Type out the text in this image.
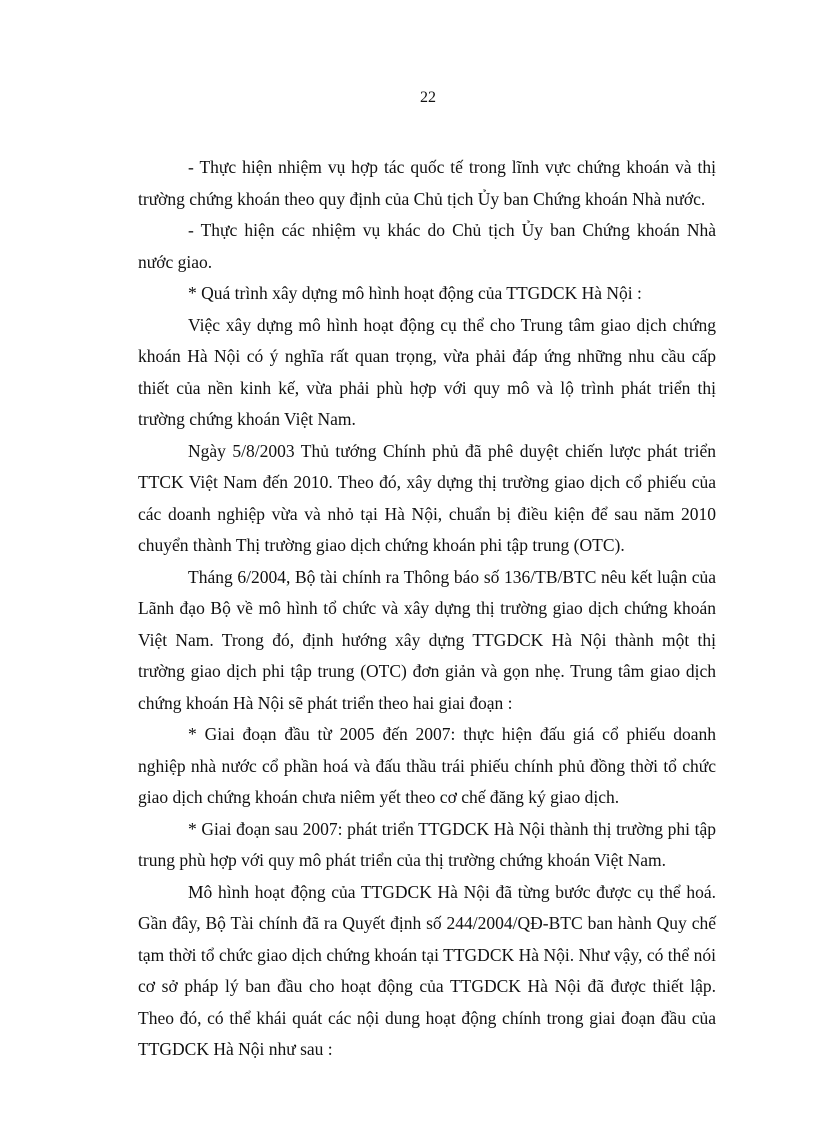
22

- Thực hiện nhiệm vụ hợp tác quốc tế trong lĩnh vực chứng khoán và thị trường chứng khoán theo quy định của Chủ tịch Ủy ban Chứng khoán Nhà nước.

- Thực hiện các nhiệm vụ khác do Chủ tịch Ủy ban Chứng khoán Nhà nước giao.

* Quá trình xây dựng mô hình hoạt động của TTGDCK Hà Nội :

Việc xây dựng mô hình hoạt động cụ thể cho Trung tâm giao dịch chứng khoán Hà Nội có ý nghĩa rất quan trọng, vừa phải đáp ứng những nhu cầu cấp thiết của nền kinh kế, vừa phải phù hợp với quy mô và lộ trình phát triển thị trường chứng khoán Việt Nam.

Ngày 5/8/2003 Thủ tướng Chính phủ đã phê duyệt chiến lược phát triển TTCK Việt Nam đến 2010. Theo đó, xây dựng thị trường giao dịch cổ phiếu của các doanh nghiệp vừa và nhỏ tại Hà Nội, chuẩn bị điều kiện để sau năm 2010 chuyển thành Thị trường giao dịch chứng khoán phi tập trung (OTC).

Tháng 6/2004, Bộ tài chính ra Thông báo số 136/TB/BTC nêu kết luận của Lãnh đạo Bộ về mô hình tổ chức và xây dựng thị trường giao dịch chứng khoán Việt Nam. Trong đó, định hướng xây dựng TTGDCK Hà Nội thành một thị trường giao dịch phi tập trung (OTC) đơn giản và gọn nhẹ. Trung tâm giao dịch chứng khoán Hà Nội sẽ phát triển theo hai giai đoạn :

* Giai đoạn đầu từ 2005 đến 2007: thực hiện đấu giá cổ phiếu doanh nghiệp nhà nước cổ phần hoá và đấu thầu trái phiếu chính phủ đồng thời tổ chức giao dịch chứng khoán chưa niêm yết theo cơ chế đăng ký giao dịch.

* Giai đoạn sau 2007: phát triển TTGDCK Hà Nội thành thị trường phi tập trung phù hợp với quy mô phát triển của thị trường chứng khoán Việt Nam.

Mô hình hoạt động của TTGDCK Hà Nội đã từng bước được cụ thể hoá. Gần đây, Bộ Tài chính đã ra Quyết định số 244/2004/QĐ-BTC ban hành Quy chế tạm thời tổ chức giao dịch chứng khoán tại TTGDCK Hà Nội. Như vậy, có thể nói cơ sở pháp lý ban đầu cho hoạt động của TTGDCK Hà Nội đã được thiết lập. Theo đó, có thể khái quát các nội dung hoạt động chính trong giai đoạn đầu của TTGDCK Hà Nội như sau :
